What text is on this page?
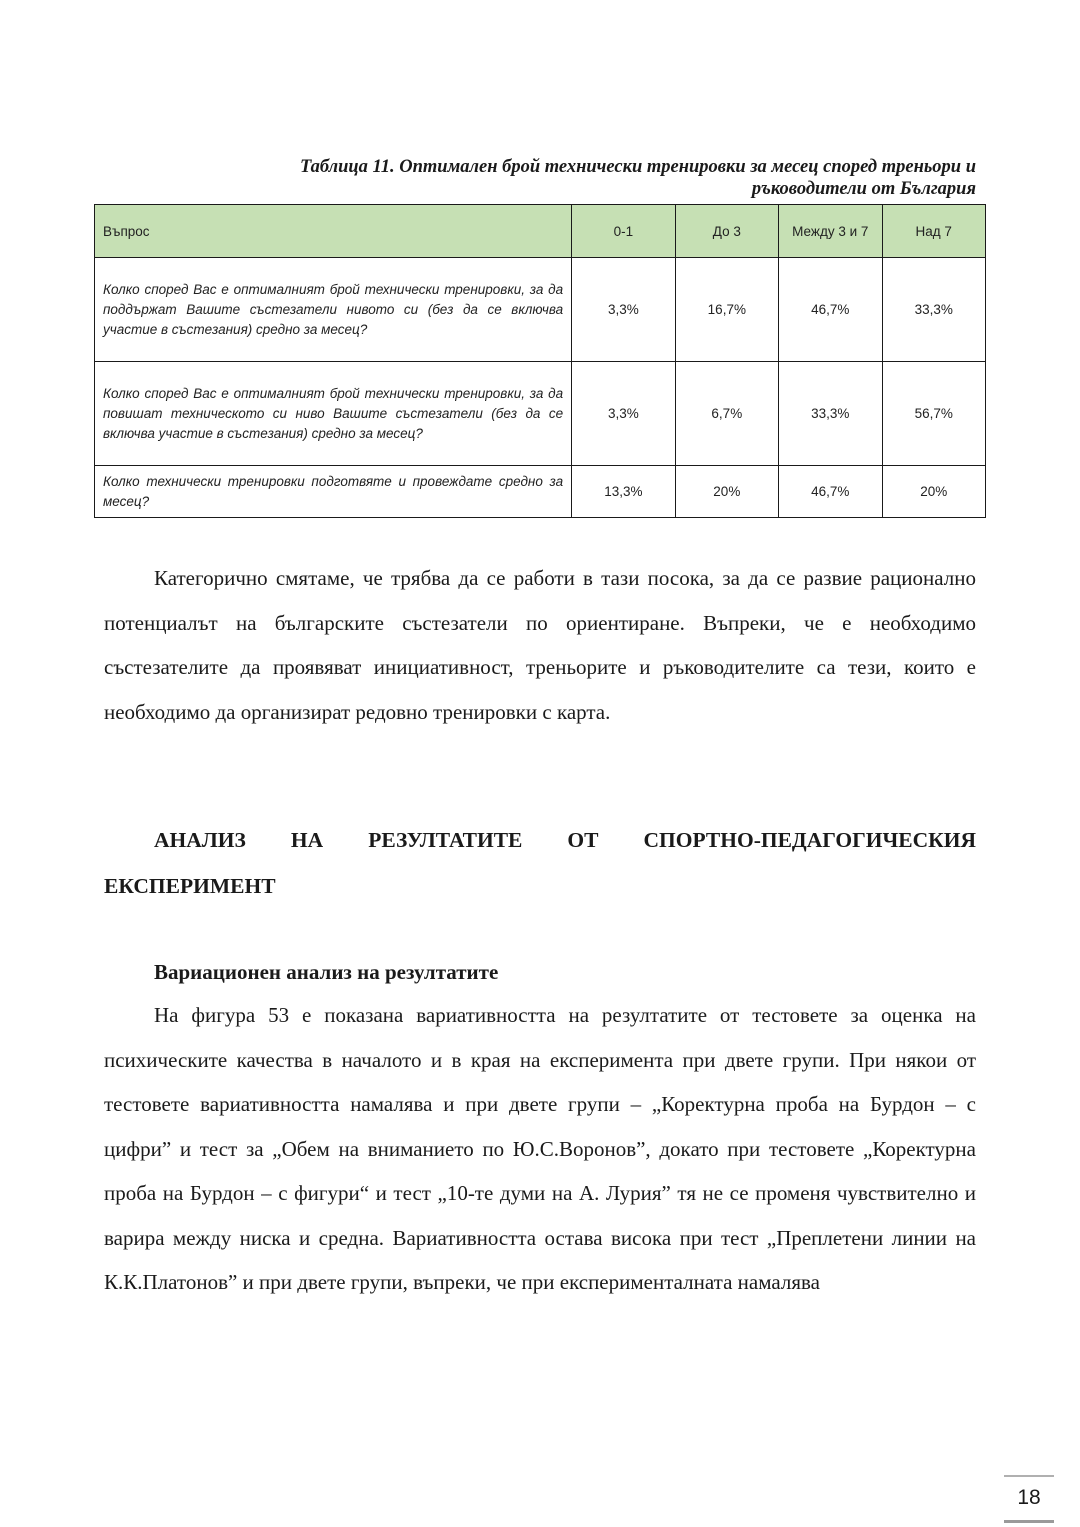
Таблица 11. Оптимален брой технически тренировки за месец според треньори и
ръководители от България
Въпрос	0-1	До 3	Между 3 и 7	Над 7
Колко според Вас е оптималният брой технически тренировки, за да поддържат Вашите състезатели нивото си (без да се включва участие в състезания) средно за месец?	3,3%	16,7%	46,7%	33,3%
Колко според Вас е оптималният брой технически тренировки, за да повишат техническото си ниво Вашите състезатели (без да се включва участие в състезания) средно за месец?	3,3%	6,7%	33,3%	56,7%
Колко технически тренировки подготвяте и провеждате средно за месец?	13,3%	20%	46,7%	20%

Категорично смятаме, че трябва да се работи в тази посока, за да се развие рационално потенциалът на българските състезатели по ориентиране. Въпреки, че е необходимо състезателите да проявяват инициативност, треньорите и ръководителите са тези, които е необходимо да организират редовно тренировки с карта.

АНАЛИЗ НА РЕЗУЛТАТИТЕ ОТ СПОРТНО-ПЕДАГОГИЧЕСКИЯ ЕКСПЕРИМЕНТ
Вариационен анализ на резултатите

На фигура 53 е показана вариативността на резултатите от тестовете за оценка на психическите качества в началото и в края на експеримента при двете групи. При някои от тестовете вариативността намалява и при двете групи – „Коректурна проба на Бурдон – с цифри” и тест за „Обем на вниманието по Ю.С.Воронов”, докато при тестовете „Коректурна проба на Бурдон – с фигури“ и тест „10-те думи на А. Лурия” тя не се променя чувствително и варира между ниска и средна. Вариативността остава висока при тест „Преплетени линии на К.К.Платонов” и при двете групи, въпреки, че при експерименталната намалява

18
